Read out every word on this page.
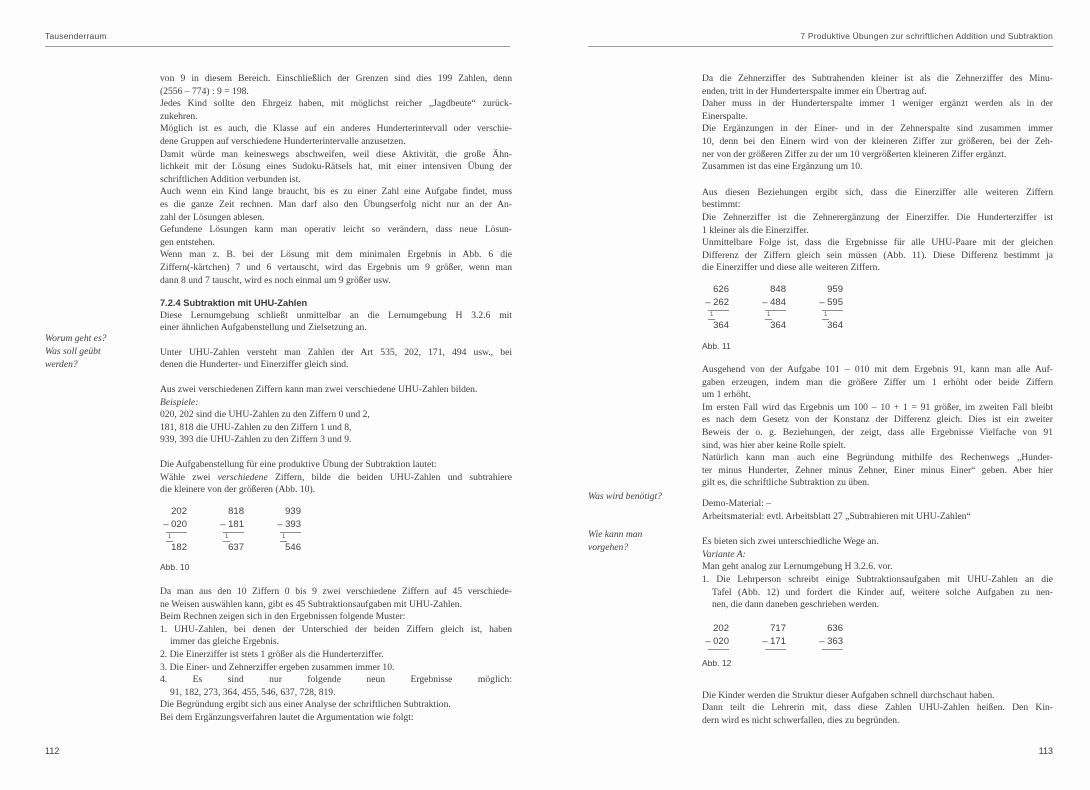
Tausenderraum	7 Produktive Übungen zur schriftlichen Addition und Subtraktion
Worum geht es?
Was soll geübt
werden?
Was wird benötigt?
Wie kann man
vorgehen?
von 9 in diesem Bereich. Einschließlich der Grenzen sind dies 199 Zahlen, denn
(2556 – 774) : 9 = 198.
Jedes Kind sollte den Ehrgeiz haben, mit möglichst reicher „Jagdbeute“ zurück-
zukehren.
Möglich ist es auch, die Klasse auf ein anderes Hunderterintervall oder verschie-
dene Gruppen auf verschiedene Hunderterintervalle anzusetzen.
Damit würde man keineswegs abschweifen, weil diese Aktivität, die große Ähn-
lichkeit mit der Lösung eines Sudoku-Rätsels hat, mit einer intensiven Übung der
schriftlichen Addition verbunden ist.
Auch wenn ein Kind lange braucht, bis es zu einer Zahl eine Aufgabe findet, muss
es die ganze Zeit rechnen. Man darf also den Übungserfolg nicht nur an der An-
zahl der Lösungen ablesen.
Gefundene Lösungen kann man operativ leicht so verändern, dass neue Lösun-
gen entstehen.
Wenn man z. B. bei der Lösung mit dem minimalen Ergebnis in Abb. 6 die
Ziffern(-kärtchen) 7 und 6 vertauscht, wird das Ergebnis um 9 größer, wenn man
dann 8 und 7 tauscht, wird es noch einmal um 9 größer usw.
7.2.4 Subtraktion mit UHU-Zahlen
Diese Lernumgebung schließt unmittelbar an die Lernumgebung H 3.2.6 mit
einer ähnlichen Aufgabenstellung und Zielsetzung an.
Unter UHU-Zahlen versteht man Zahlen der Art 535, 202, 171, 494 usw., bei
denen die Hunderter- und Einerziffer gleich sind.
Aus zwei verschiedenen Ziffern kann man zwei verschiedene UHU-Zahlen bilden.
Beispiele:
020, 202 sind die UHU-Zahlen zu den Ziffern 0 und 2,
181, 818 die UHU-Zahlen zu den Ziffern 1 und 8,
939, 393 die UHU-Zahlen zu den Ziffern 3 und 9.
Die Aufgabenstellung für eine produktive Übung der Subtraktion lautet:
Wähle zwei verschiedene Ziffern, bilde die beiden UHU-Zahlen und subtrahiere
die kleinere von der größeren (Abb. 10).
202
– 020
1
182
818
– 181
1
637
939
– 393
1
546
Abb. 10
Da man aus den 10 Ziffern 0 bis 9 zwei verschiedene Ziffern auf 45 verschiede-
ne Weisen auswählen kann, gibt es 45 Subtraktionsaufgaben mit UHU-Zahlen.
Beim Rechnen zeigen sich in den Ergebnissen folgende Muster:
1. UHU-Zahlen, bei denen der Unterschied der beiden Ziffern gleich ist, haben
immer das gleiche Ergebnis.
2. Die Einerziffer ist stets 1 größer als die Hunderterziffer.
3. Die Einer- und Zehnerziffer ergeben zusammen immer 10.
4. Es sind nur folgende neun Ergebnisse möglich:
91, 182, 273, 364, 455, 546, 637, 728, 819.
Die Begründung ergibt sich aus einer Analyse der schriftlichen Subtraktion.
Bei dem Ergänzungsverfahren lautet die Argumentation wie folgt:
Da die Zehnerziffer des Subtrahenden kleiner ist als die Zehnerziffer des Minu-
enden, tritt in der Hunderterspalte immer ein Übertrag auf.
Daher muss in der Hunderterspalte immer 1 weniger ergänzt werden als in der
Einerspalte.
Die Ergänzungen in der Einer- und in der Zehnerspalte sind zusammen immer
10, denn bei den Einern wird von der kleineren Ziffer zur größeren, bei der Zeh-
ner von der größeren Ziffer zu der um 10 vergrößerten kleineren Ziffer ergänzt.
Zusammen ist das eine Ergänzung um 10.
Aus diesen Beziehungen ergibt sich, dass die Einerziffer alle weiteren Ziffern
bestimmt:
Die Zehnerziffer ist die Zehnerergänzung der Einerziffer. Die Hunderterziffer ist
1 kleiner als die Einerziffer.
Unmittelbare Folge ist, dass die Ergebnisse für alle UHU-Paare mit der gleichen
Differenz der Ziffern gleich sein müssen (Abb. 11). Diese Differenz bestimmt ja
die Einerziffer und diese alle weiteren Ziffern.
626
– 262
1
364
848
– 484
1
364
959
– 595
1
364
Abb. 11
Ausgehend von der Aufgabe 101 – 010 mit dem Ergebnis 91, kann man alle Auf-
gaben erzeugen, indem man die größere Ziffer um 1 erhöht oder beide Ziffern
um 1 erhöht.
Im ersten Fall wird das Ergebnis um 100 – 10 + 1 = 91 größer, im zweiten Fall bleibt
es nach dem Gesetz von der Konstanz der Differenz gleich. Dies ist ein zweiter
Beweis der o. g. Beziehungen, der zeigt, dass alle Ergebnisse Vielfache von 91
sind, was hier aber keine Rolle spielt.
Natürlich kann man auch eine Begründung mithilfe des Rechenwegs „Hunder-
ter minus Hunderter, Zehner minus Zehner, Einer minus Einer“ geben. Aber hier
gilt es, die schriftliche Subtraktion zu üben.
Demo-Material: –
Arbeitsmaterial: evtl. Arbeitsblatt 27 „Subtrahieren mit UHU-Zahlen“
Es bieten sich zwei unterschiedliche Wege an.
Variante A:
Man geht analog zur Lernumgebung H 3.2.6. vor.
1. Die Lehrperson schreibt einige Subtraktionsaufgaben mit UHU-Zahlen an die
Tafel (Abb. 12) und fordert die Kinder auf, weitere solche Aufgaben zu nen-
nen, die dann daneben geschrieben werden.
202
– 020
717
– 171
636
– 363
Abb. 12
Die Kinder werden die Struktur dieser Aufgaben schnell durchschaut haben.
Dann teilt die Lehrerin mit, dass diese Zahlen UHU-Zahlen heißen. Den Kin-
dern wird es nicht schwerfallen, dies zu begründen.
112	113
